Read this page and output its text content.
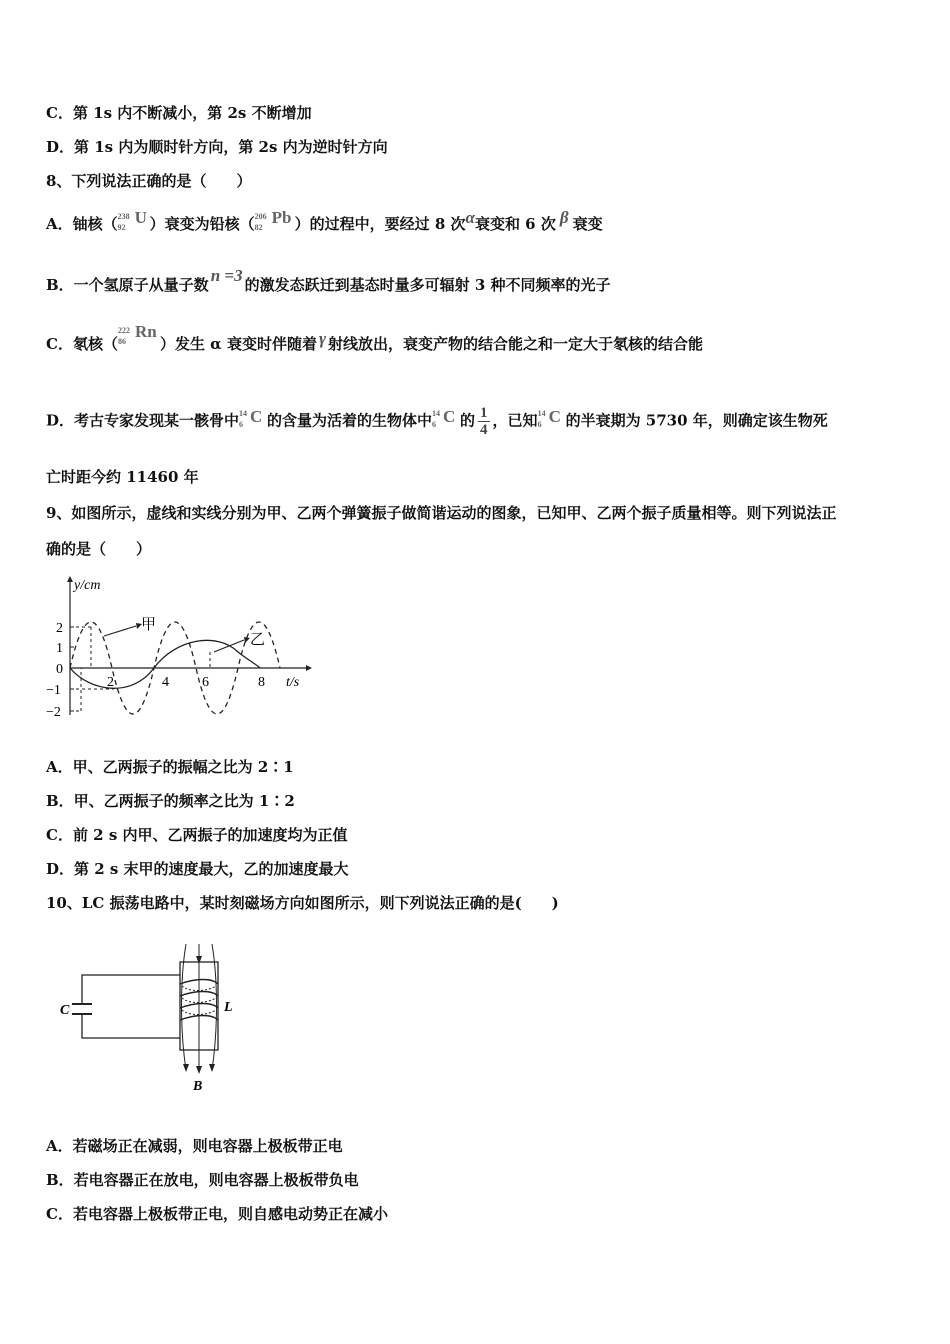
C．第 1s 内不断减小，第 2s 不断增加
D．第 1s 内为顺时针方向，第 2s 内为逆时针方向
8、下列说法正确的是（　　）
A．铀核（ 238
92
U ）衰变为铅核（ 206
82
Pb ）的过程中，要经过 8 次α衰变和 6 次 β 衰变
B．一个氢原子从量子数 n =3 的激发态跃迁到基态时量多可辐射 3 种不同频率的光子
C．氡核（
222
86
Rn
）发生 α 衰变时伴随着 γ 射线放出，衰变产物的结合能之和一定大于氡核的结合能
D．考古专家发现某一骸骨中 14
6 C 的含量为活着的生物体中 14
6 C 的 $\frac{1}{4}$ ，已知 14
6 C 的半衰期为 5730 年，则确定该生物死
亡时距今约 11460 年
9、如图所示，虚线和实线分别为甲、乙两个弹簧振子做简谐运动的图象，已知甲、乙两个振子质量相等。则下列说法正
确的是（　　）
y/cm
t/s
2
1
0
−1
−2
2	4 6	8
甲
乙
A．甲、乙两振子的振幅之比为 2∶1
B．甲、乙两振子的频率之比为 1∶2
C．前 2 s 内甲、乙两振子的加速度均为正值
D．第 2 s 末甲的速度最大，乙的加速度最大
10、LC 振荡电路中，某时刻磁场方向如图所示，则下列说法正确的是(　　)
C	L
B
A．若磁场正在减弱，则电容器上极板带正电
B．若电容器正在放电，则电容器上极板带负电
C．若电容器上极板带正电，则自感电动势正在减小
